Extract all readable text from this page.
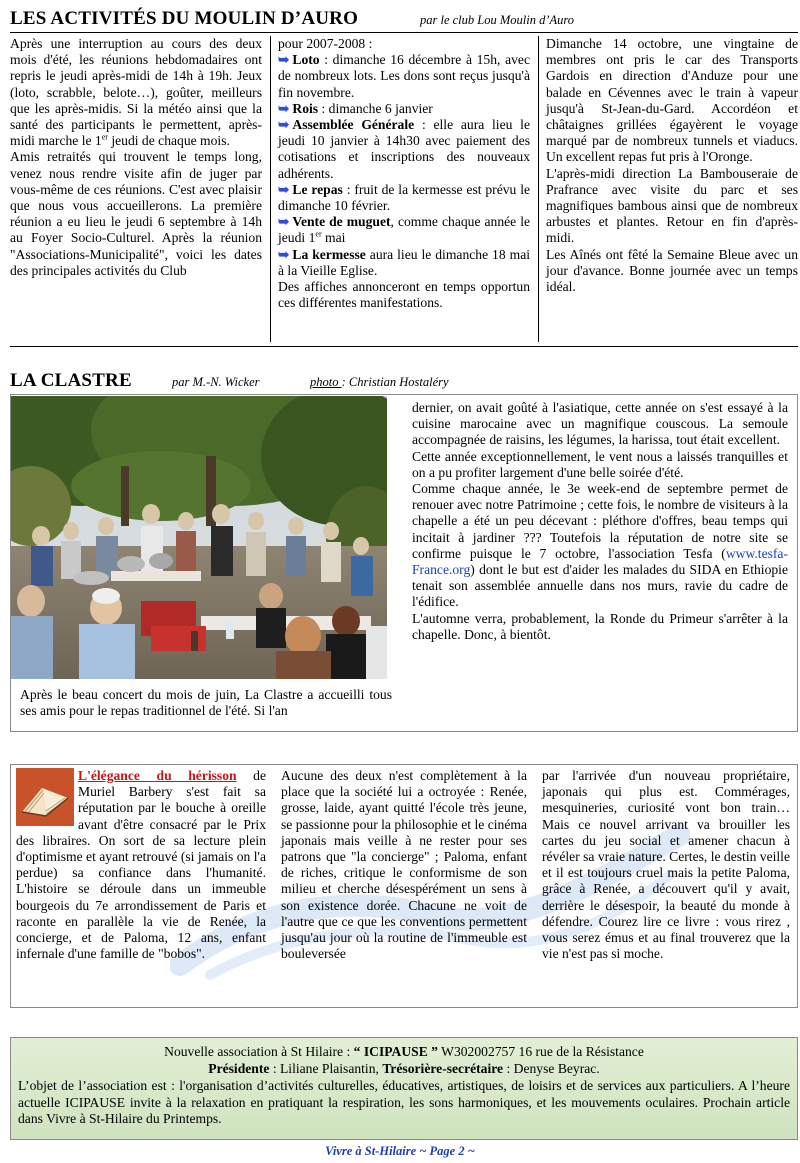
LES ACTIVITÉS DU MOULIN D’AURO	par le club Lou Moulin d’Auro

Après une interruption au cours des deux mois d'été, les réunions hebdomadaires ont repris le jeudi après-midi de 14h à 19h. Jeux (loto, scrabble, belote…), goûter, meilleurs que les après-midis. Si la météo ainsi que la santé des participants le permettent, après-midi marche le 1er jeudi de chaque mois.

Amis retraités qui trouvent le temps long, venez nous rendre visite afin de juger par vous-même de ces réunions. C'est avec plaisir que nous vous accueillerons. La première réunion a eu lieu le jeudi 6 septembre à 14h au Foyer Socio-Culturel. Après la réunion "Associations-Municipalité", voici les dates des principales activités du Club

pour 2007-2008 :

➥ Loto : dimanche 16 décembre à 15h, avec de nombreux lots. Les dons sont reçus jusqu'à fin novembre.

➥ Rois : dimanche 6 janvier

➥ Assemblée Générale : elle aura lieu le jeudi 10 janvier à 14h30 avec paiement des cotisations et inscriptions des nouveaux adhérents.

➥ Le repas : fruit de la kermesse est prévu le dimanche 10 février.

➥ Vente de muguet, comme chaque année le jeudi 1er mai

➥ La kermesse aura lieu le dimanche 18 mai à la Vieille Eglise.

Des affiches annonceront en temps opportun ces différentes manifestations.

Dimanche 14 octobre, une vingtaine de membres ont pris le car des Transports Gardois en direction d'Anduze pour une balade en Cévennes avec le train à vapeur jusqu'à St-Jean-du-Gard. Accordéon et châtaignes grillées égayèrent le voyage marqué par de nombreux tunnels et viaducs. Un excellent repas fut pris à l'Oronge.

L'après-midi direction La Bambouseraie de Prafrance avec visite du parc et ses magnifiques bambous ainsi que de nombreux arbustes et plantes. Retour en fin d'après-midi.

Les Aînés ont fêté la Semaine Bleue avec un jour d'avance. Bonne journée avec un temps idéal.

LA CLASTRE	par M.-N. Wicker	photo : Christian Hostaléry
Après le beau concert du mois de juin, La Clastre a accueilli tous ses amis pour le repas traditionnel de l'été. Si l'an

dernier, on avait goûté à l'asiatique, cette année on s'est essayé à la cuisine marocaine avec un magnifique couscous. La semoule accompagnée de raisins, les légumes, la harissa, tout était excellent.

Cette année exceptionnellement, le vent nous a laissés tranquilles et on a pu profiter largement d'une belle soirée d'été.

Comme chaque année, le 3e week-end de septembre permet de renouer avec notre Patrimoine ; cette fois, le nombre de visiteurs à la chapelle a été un peu décevant : pléthore d'offres, beau temps qui incitait à jardiner ??? Toutefois la réputation de notre site se confirme puisque le 7 octobre, l'association Tesfa (www.tesfa-France.org) dont le but est d'aider les malades du SIDA en Ethiopie tenait son assemblée annuelle dans nos murs, ravie du cadre de l'édifice.

L'automne verra, probablement, la Ronde du Primeur s'arrêter à la chapelle. Donc, à bientôt.

L'élégance du hérisson de Muriel Barbery s'est fait sa réputation par le bouche à oreille avant d'être consacré par le Prix des libraires. On sort de sa lecture plein d'optimisme et ayant retrouvé (si jamais on l'a perdue) sa confiance dans l'humanité. L'histoire se déroule dans un immeuble bourgeois du 7e arrondissement de Paris et raconte en parallèle la vie de Renée, la concierge, et de Paloma, 12 ans, enfant infernale d'une famille de "bobos".
Aucune des deux n'est complètement à la place que la société lui a octroyée : Renée, grosse, laide, ayant quitté l'école très jeune, se passionne pour la philosophie et le cinéma japonais mais veille à ne rester pour ses patrons que "la concierge" ; Paloma, enfant de riches, critique le conformisme de son milieu et cherche désespérément un sens à son existence dorée. Chacune ne voit de l'autre que ce que les conventions permettent jusqu'au jour où la routine de l'immeuble est bouleversée
par l'arrivée d'un nouveau propriétaire, japonais qui plus est. Commérages, mesquineries, curiosité vont bon train… Mais ce nouvel arrivant va brouiller les cartes du jeu social et amener chacun à révéler sa vraie nature. Certes, le destin veille et il est toujours cruel mais la petite Paloma, grâce à Renée, a découvert qu'il y avait, derrière le désespoir, la beauté du monde à défendre. Courez lire ce livre : vous rirez , vous serez émus et au final trouverez que la vie n'est pas si moche.
Nouvelle association à St Hilaire : “ ICIPAUSE ” W302002757 16 rue de la Résistance
Présidente : Liliane Plaisantin, Trésorière-secrétaire : Denyse Beyrac.
L’objet de l’association est : l'organisation d’activités culturelles, éducatives, artistiques, de loisirs et de services aux particuliers. A l’heure actuelle ICIPAUSE invite à la relaxation en pratiquant la respiration, les sons harmoniques, et les mouvements oculaires. Prochain article dans Vivre à St-Hilaire du Printemps.
Vivre à St-Hilaire ~ Page 2 ~
